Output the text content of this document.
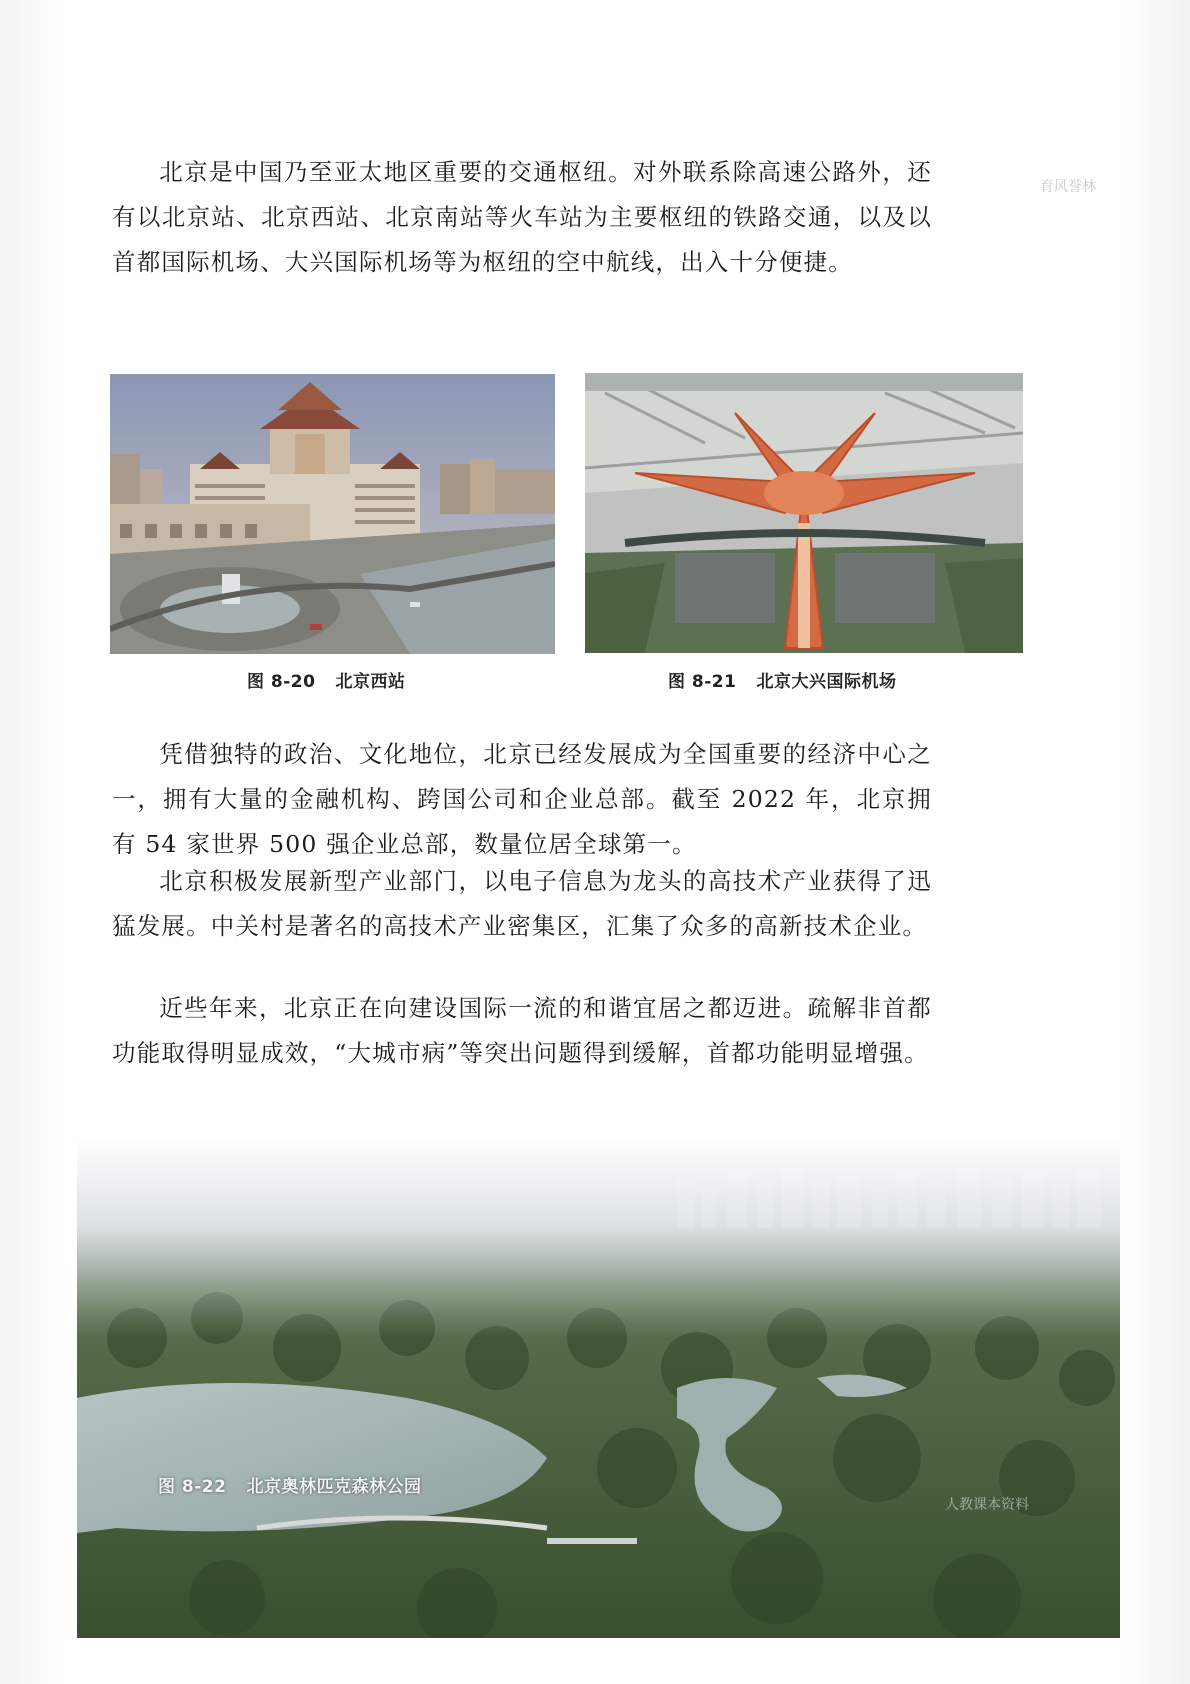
育风誉林

北京是中国乃至亚太地区重要的交通枢纽。对外联系除高速公路外，还有以北京站、北京西站、北京南站等火车站为主要枢纽的铁路交通，以及以首都国际机场、大兴国际机场等为枢纽的空中航线，出入十分便捷。

图 8-20 北京西站	图 8-21 北京大兴国际机场

凭借独特的政治、文化地位，北京已经发展成为全国重要的经济中心之一，拥有大量的金融机构、跨国公司和企业总部。截至 2022 年，北京拥有 54 家世界 500 强企业总部，数量位居全球第一。

北京积极发展新型产业部门，以电子信息为龙头的高技术产业获得了迅猛发展。中关村是著名的高技术产业密集区，汇集了众多的高新技术企业。

近些年来，北京正在向建设国际一流的和谐宜居之都迈进。疏解非首都功能取得明显成效，“大城市病”等突出问题得到缓解，首都功能明显增强。

图 8-22 北京奥林匹克森林公园
人教课本资料
